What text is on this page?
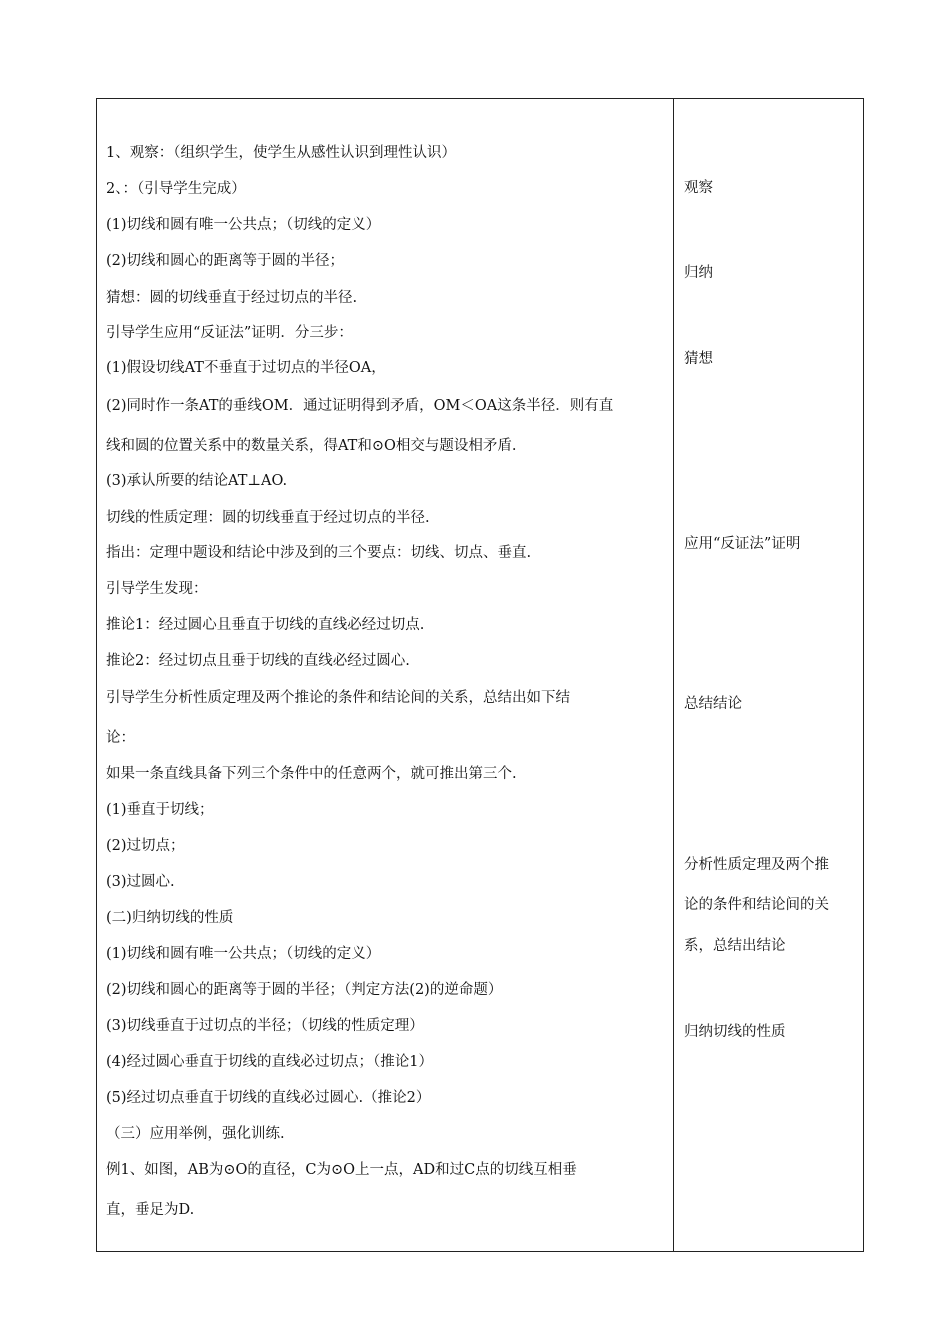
1、观察：（组织学生，使学生从感性认识到理性认识）
2、：（引导学生完成）
(1)切线和圆有唯一公共点；（切线的定义）
(2)切线和圆心的距离等于圆的半径；
猜想：圆的切线垂直于经过切点的半径.
引导学生应用“反证法”证明．分三步：
(1)假设切线AT不垂直于过切点的半径OA，
(2)同时作一条AT的垂线OM．通过证明得到矛盾，OM＜OA这条半径．则有直
线和圆的位置关系中的数量关系，得AT和⊙O相交与题设相矛盾.
(3)承认所要的结论AT⊥AO.
切线的性质定理：圆的切线垂直于经过切点的半径.
指出：定理中题设和结论中涉及到的三个要点：切线、切点、垂直.
引导学生发现：
推论1：经过圆心且垂直于切线的直线必经过切点.
推论2：经过切点且垂于切线的直线必经过圆心.
引导学生分析性质定理及两个推论的条件和结论间的关系，总结出如下结
论：
如果一条直线具备下列三个条件中的任意两个，就可推出第三个.
(1)垂直于切线；
(2)过切点；
(3)过圆心.
(二)归纳切线的性质
(1)切线和圆有唯一公共点；（切线的定义）
(2)切线和圆心的距离等于圆的半径；（判定方法(2)的逆命题）
(3)切线垂直于过切点的半径；（切线的性质定理）
(4)经过圆心垂直于切线的直线必过切点；（推论1）
(5)经过切点垂直于切线的直线必过圆心.（推论2）
（三）应用举例，强化训练.
例1、如图，AB为⊙O的直径，C为⊙O上一点，AD和过C点的切线互相垂
直，垂足为D.
观察
归纳
猜想
应用“反证法”证明
总结结论
分析性质定理及两个推
论的条件和结论间的关
系，总结出结论
归纳切线的性质
